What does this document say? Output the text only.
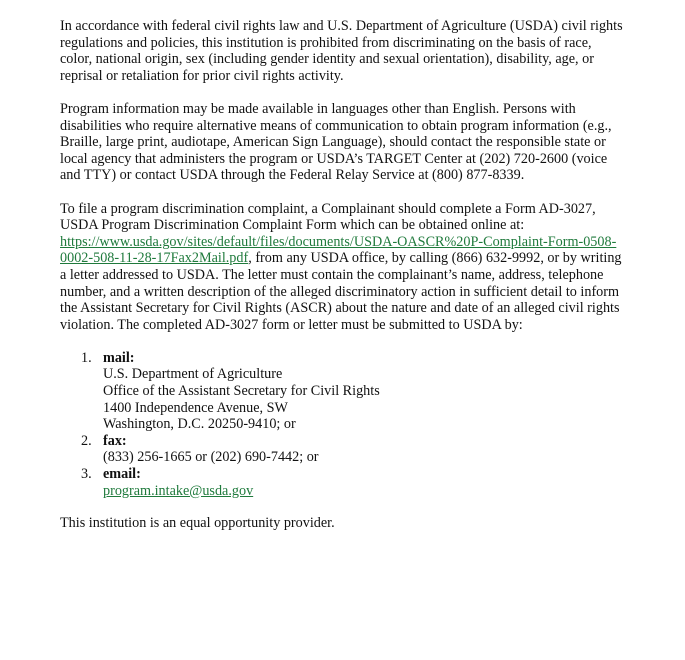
In accordance with federal civil rights law and U.S. Department of Agriculture (USDA) civil rights regulations and policies, this institution is prohibited from discriminating on the basis of race, color, national origin, sex (including gender identity and sexual orientation), disability, age, or reprisal or retaliation for prior civil rights activity.

Program information may be made available in languages other than English. Persons with disabilities who require alternative means of communication to obtain program information (e.g., Braille, large print, audiotape, American Sign Language), should contact the responsible state or local agency that administers the program or USDA’s TARGET Center at (202) 720-2600 (voice and TTY) or contact USDA through the Federal Relay Service at (800) 877-8339.

To file a program discrimination complaint, a Complainant should complete a Form AD-3027, USDA Program Discrimination Complaint Form which can be obtained online at: https://www.usda.gov/sites/default/files/documents/USDA-OASCR%20P-Complaint-Form-0508-0002-508-11-28-17Fax2Mail.pdf, from any USDA office, by calling (866) 632-9992, or by writing a letter addressed to USDA. The letter must contain the complainant’s name, address, telephone number, and a written description of the alleged discriminatory action in sufficient detail to inform the Assistant Secretary for Civil Rights (ASCR) about the nature and date of an alleged civil rights violation. The completed AD-3027 form or letter must be submitted to USDA by:

1. mail:
U.S. Department of Agriculture
Office of the Assistant Secretary for Civil Rights
1400 Independence Avenue, SW
Washington, D.C. 20250-9410; or
2. fax:
(833) 256-1665 or (202) 690-7442; or
3. email:
program.intake@usda.gov

This institution is an equal opportunity provider.
